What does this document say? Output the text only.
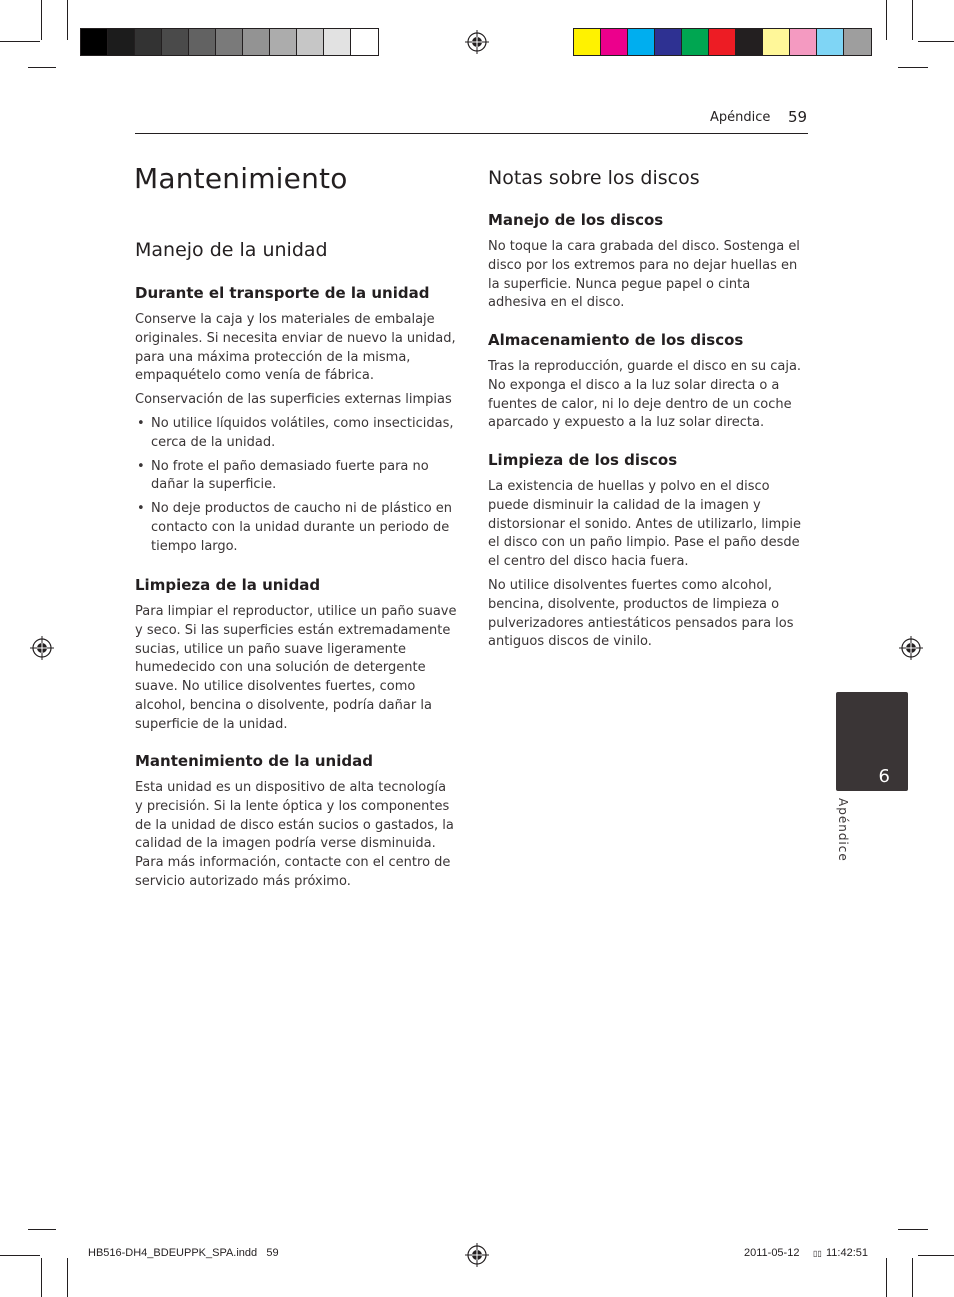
Apéndice 59
Mantenimiento
Manejo de la unidad
Durante el transporte de la unidad

Conserve la caja y los materiales de embalaje originales. Si necesita enviar de nuevo la unidad, para una máxima protección de la misma, empaquételo como venía de fábrica.

Conservación de las superficies externas limpias

• No utilice líquidos volátiles, como insecticidas, cerca de la unidad.
• No frote el paño demasiado fuerte para no dañar la superficie.
• No deje productos de caucho ni de plástico en contacto con la unidad durante un periodo de tiempo largo.
Limpieza de la unidad

Para limpiar el reproductor, utilice un paño suave y seco. Si las superficies están extremadamente sucias, utilice un paño suave ligeramente humedecido con una solución de detergente suave. No utilice disolventes fuertes, como alcohol, bencina o disolvente, podría dañar la superficie de la unidad.

Mantenimiento de la unidad

Esta unidad es un dispositivo de alta tecnología y precisión. Si la lente óptica y los componentes de la unidad de disco están sucios o gastados, la calidad de la imagen podría verse disminuida. Para más información, contacte con el centro de servicio autorizado más próximo.

Notas sobre los discos
Manejo de los discos

No toque la cara grabada del disco. Sostenga el disco por los extremos para no dejar huellas en la superficie. Nunca pegue papel o cinta adhesiva en el disco.

Almacenamiento de los discos

Tras la reproducción, guarde el disco en su caja. No exponga el disco a la luz solar directa o a fuentes de calor, ni lo deje dentro de un coche aparcado y expuesto a la luz solar directa.

Limpieza de los discos

La existencia de huellas y polvo en el disco puede disminuir la calidad de la imagen y distorsionar el sonido. Antes de utilizarlo, limpie el disco con un paño limpio. Pase el paño desde el centro del disco hacia fuera.

No utilice disolventes fuertes como alcohol, bencina, disolvente, productos de limpieza o pulverizadores antiestáticos pensados para los antiguos discos de vinilo.

6
Apéndice
HB516-DH4_BDEUPPK_SPA.indd   59	2011-05-12 ▯▯ 11:42:51
